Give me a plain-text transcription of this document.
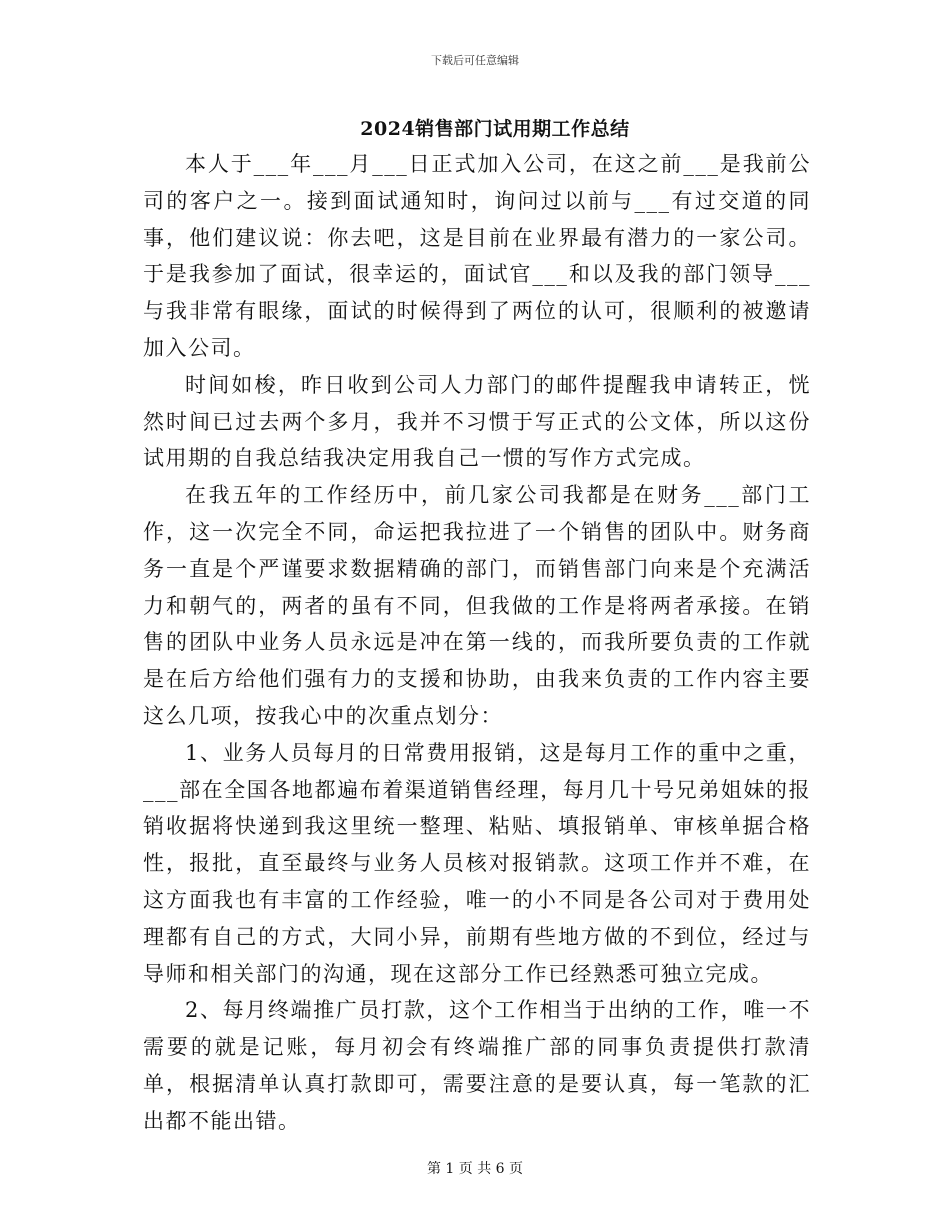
下载后可任意编辑
2024销售部门试用期工作总结

本人于___年___月___日正式加入公司，在这之前___是我前公司的客户之一。接到面试通知时，询问过以前与___有过交道的同事，他们建议说：你去吧，这是目前在业界最有潜力的一家公司。于是我参加了面试，很幸运的，面试官___和以及我的部门领导___与我非常有眼缘，面试的时候得到了两位的认可，很顺利的被邀请加入公司。

时间如梭，昨日收到公司人力部门的邮件提醒我申请转正，恍然时间已过去两个多月，我并不习惯于写正式的公文体，所以这份试用期的自我总结我决定用我自己一惯的写作方式完成。

在我五年的工作经历中，前几家公司我都是在财务___部门工作，这一次完全不同，命运把我拉进了一个销售的团队中。财务商务一直是个严谨要求数据精确的部门，而销售部门向来是个充满活力和朝气的，两者的虽有不同，但我做的工作是将两者承接。在销售的团队中业务人员永远是冲在第一线的，而我所要负责的工作就是在后方给他们强有力的支援和协助，由我来负责的工作内容主要这么几项，按我心中的次重点划分：

1、业务人员每月的日常费用报销，这是每月工作的重中之重，___部在全国各地都遍布着渠道销售经理，每月几十号兄弟姐妹的报销收据将快递到我这里统一整理、粘贴、填报销单、审核单据合格性，报批，直至最终与业务人员核对报销款。这项工作并不难，在这方面我也有丰富的工作经验，唯一的小不同是各公司对于费用处理都有自己的方式，大同小异，前期有些地方做的不到位，经过与导师和相关部门的沟通，现在这部分工作已经熟悉可独立完成。

2、每月终端推广员打款，这个工作相当于出纳的工作，唯一不需要的就是记账，每月初会有终端推广部的同事负责提供打款清单，根据清单认真打款即可，需要注意的是要认真，每一笔款的汇出都不能出错。

第 1 页 共 6 页
